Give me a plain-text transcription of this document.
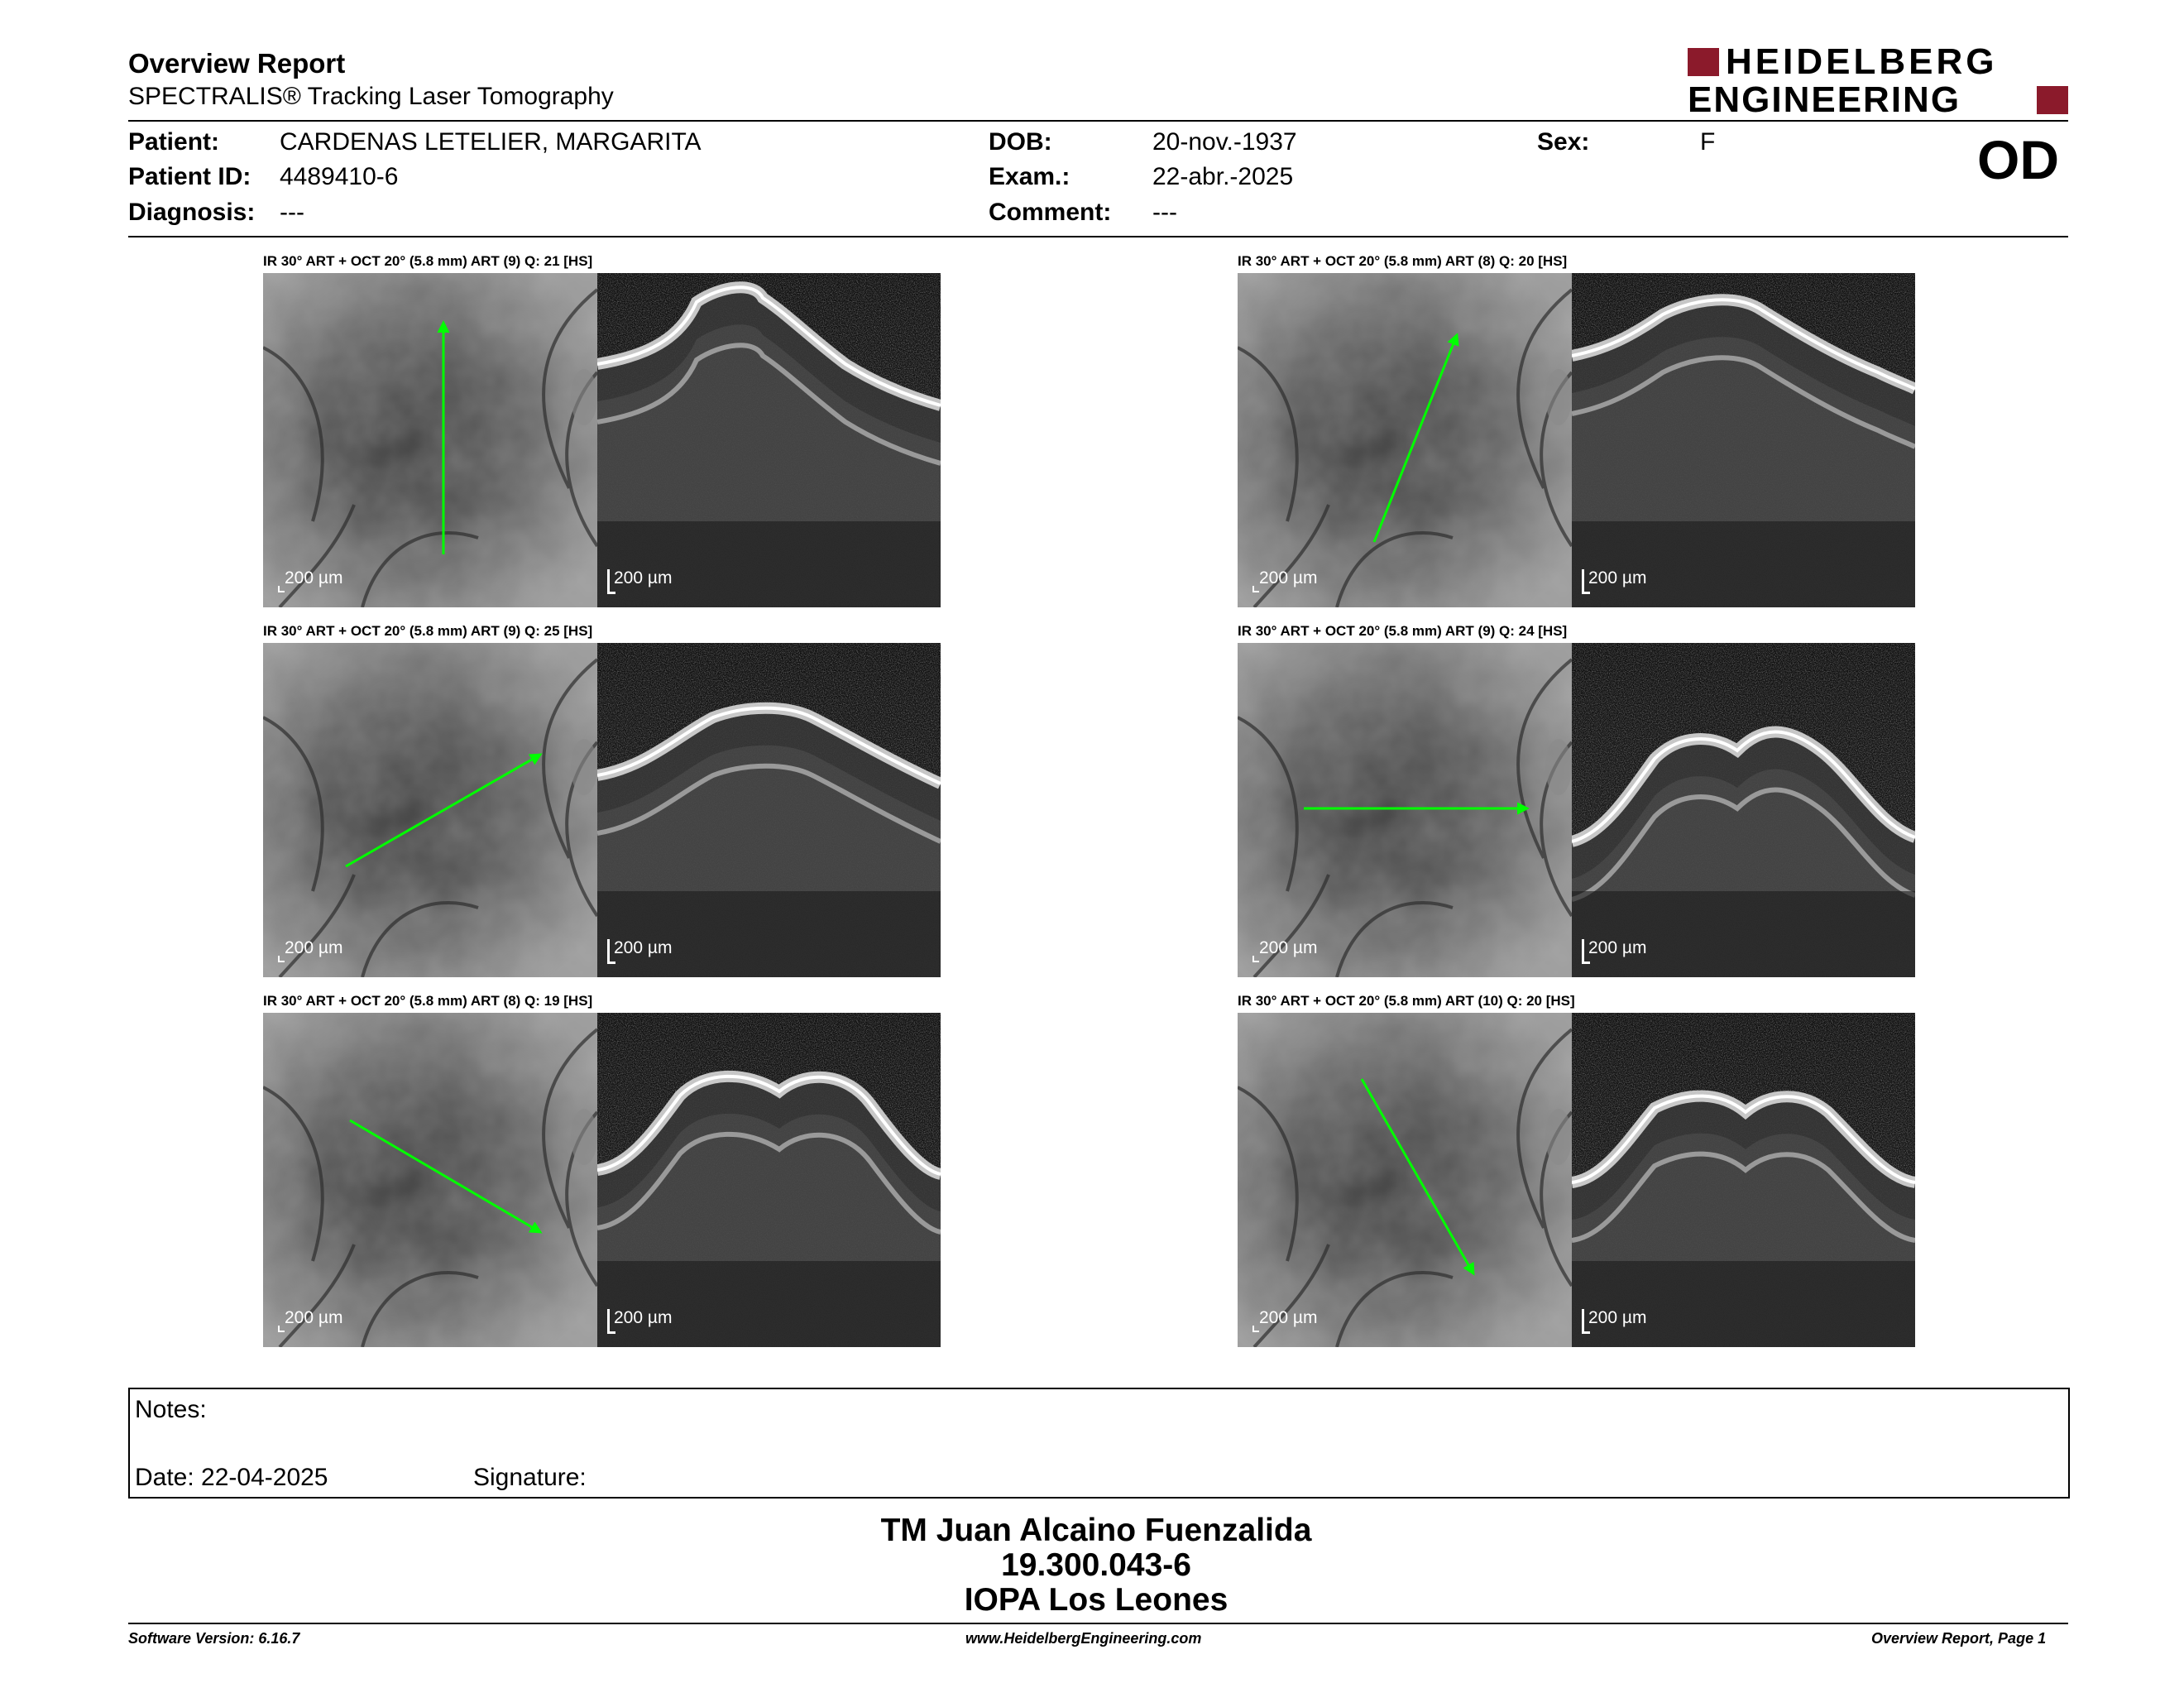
Overview Report
SPECTRALIS® Tracking Laser Tomography
HEIDELBERG
ENGINEERING
Patient: CARDENAS LETELIER, MARGARITA
Patient ID: 4489410-6
Diagnosis: ---
DOB:	20-nov.-1937
Exam.:	22-abr.-2025
Comment: ---
Sex:	F	OD
IR 30° ART + OCT 20° (5.8 mm) ART (9) Q: 21 [HS]
200 µm	200 µm
IR 30° ART + OCT 20° (5.8 mm) ART (8) Q: 20 [HS]
200 µm	200 µm
IR 30° ART + OCT 20° (5.8 mm) ART (9) Q: 25 [HS]
200 µm	200 µm
IR 30° ART + OCT 20° (5.8 mm) ART (9) Q: 24 [HS]
200 µm	200 µm
IR 30° ART + OCT 20° (5.8 mm) ART (8) Q: 19 [HS]
200 µm	200 µm
IR 30° ART + OCT 20° (5.8 mm) ART (10) Q: 20 [HS]
200 µm	200 µm
Notes:
Date: 22-04-2025	Signature:
TM Juan Alcaino Fuenzalida
19.300.043-6
IOPA Los Leones
Software Version: 6.16.7	www.HeidelbergEngineering.com	Overview Report, Page 1
